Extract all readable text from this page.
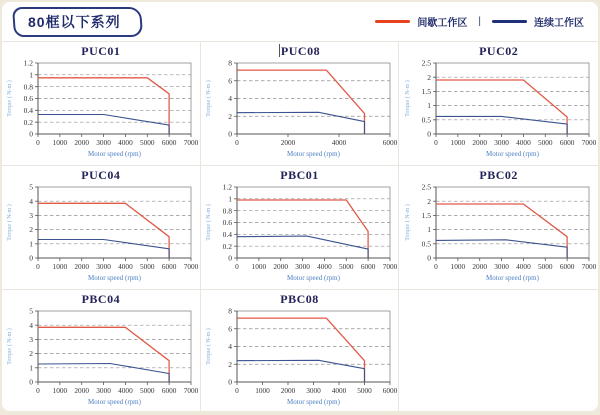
80框以下系列	间歇工作区 |	连续工作区
PUC01
0
0.2
0.4
0.6
0.8
1
1.2
0 1000 2000 3000 4000 5000 6000 7000
Torque ( N-m )
Motor speed (rpm)
PUC08
0
2
4
6
8
0	2000	4000	6000
Torque ( N-m )
Motor speed (rpm)
PUC02
0
0.5
1
1.5
2
2.5
0 1000 2000 3000 4000 5000 6000 7000
Torque ( N-m )
Motor speed (rpm)
PUC04
0
1
2
3
4
5
0 1000 2000 3000 4000 5000 6000 7000
Torque ( N-m )
Motor speed (rpm)
PBC01
0
0.2
0.4
0.6
0.8
1
1.2
0 1000 2000 3000 4000 5000 6000 7000
Torque ( N-m )
Motor speed (rpm)
PBC02
0
0.5
1
1.5
2
2.5
0 1000 2000 3000 4000 5000 6000 7000
Torque ( N-m )
Motor speed (rpm)
PBC04
0
1
2
3
4
5
0 1000 2000 3000 4000 5000 6000 7000
Torque ( N-m )
Motor speed (rpm)
PBC08
0
2
4
6
8
0 1000 2000 3000 4000 5000 6000
Torque ( N-m )
Motor speed (rpm)
